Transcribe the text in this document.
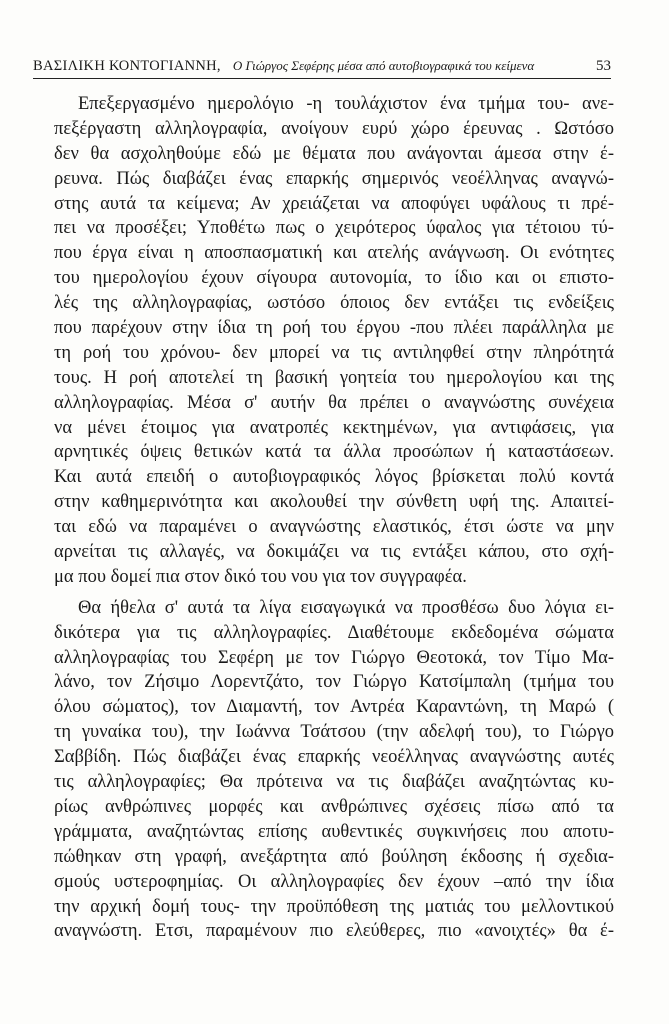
ΒΑΣΙΛΙΚΗ ΚΟΝΤΟΓΙΑΝΝΗ, Ο Γιώργος Σεφέρης μέσα από αυτοβιογραφικά του κείμενα	53
Επεξεργασμένο ημερολόγιο -η τουλάχιστον ένα τμήμα του- ανε-
πεξέργαστη αλληλογραφία, ανοίγουν ευρύ χώρο έρευνας . Ωστόσο
δεν θα ασχοληθούμε εδώ με θέματα που ανάγονται άμεσα στην έ-
ρευνα. Πώς διαβάζει ένας επαρκής σημερινός νεοέλληνας αναγνώ-
στης αυτά τα κείμενα; Αν χρειάζεται να αποφύγει υφάλους τι πρέ-
πει να προσέξει; Υποθέτω πως ο χειρότερος ύφαλος για τέτοιου τύ-
που έργα είναι η αποσπασματική και ατελής ανάγνωση. Οι ενότητες
του ημερολογίου έχουν σίγουρα αυτονομία, το ίδιο και οι επιστο-
λές της αλληλογραφίας, ωστόσο όποιος δεν εντάξει τις ενδείξεις
που παρέχουν στην ίδια τη ροή του έργου -που πλέει παράλληλα με
τη ροή του χρόνου- δεν μπορεί να τις αντιληφθεί στην πληρότητά
τους. Η ροή αποτελεί τη βασική γοητεία του ημερολογίου και της
αλληλογραφίας. Μέσα σ' αυτήν θα πρέπει ο αναγνώστης συνέχεια
να μένει έτοιμος για ανατροπές κεκτημένων, για αντιφάσεις, για
αρνητικές όψεις θετικών κατά τα άλλα προσώπων ή καταστάσεων.
Και αυτά επειδή ο αυτοβιογραφικός λόγος βρίσκεται πολύ κοντά
στην καθημερινότητα και ακολουθεί την σύνθετη υφή της. Απαιτεί-
ται εδώ να παραμένει ο αναγνώστης ελαστικός, έτσι ώστε να μην
αρνείται τις αλλαγές, να δοκιμάζει να τις εντάξει κάπου, στο σχή-
μα που δομεί πια στον δικό του νου για τον συγγραφέα.
Θα ήθελα σ' αυτά τα λίγα εισαγωγικά να προσθέσω δυο λόγια ει-
δικότερα για τις αλληλογραφίες. Διαθέτουμε εκδεδομένα σώματα
αλληλογραφίας του Σεφέρη με τον Γιώργο Θεοτοκά, τον Τίμο Μα-
λάνο, τον Ζήσιμο Λορεντζάτο, τον Γιώργο Κατσίμπαλη (τμήμα του
όλου σώματος), τον Διαμαντή, τον Αντρέα Καραντώνη, τη Μαρώ (
τη γυναίκα του), την Ιωάννα Τσάτσου (την αδελφή του), το Γιώργο
Σαββίδη. Πώς διαβάζει ένας επαρκής νεοέλληνας αναγνώστης αυτές
τις αλληλογραφίες; Θα πρότεινα να τις διαβάζει αναζητώντας κυ-
ρίως ανθρώπινες μορφές και ανθρώπινες σχέσεις πίσω από τα
γράμματα, αναζητώντας επίσης αυθεντικές συγκινήσεις που αποτυ-
πώθηκαν στη γραφή, ανεξάρτητα από βούληση έκδοσης ή σχεδια-
σμούς υστεροφημίας. Οι αλληλογραφίες δεν έχουν –από την ίδια
την αρχική δομή τους- την προϋπόθεση της ματιάς του μελλοντικού
αναγνώστη. Ετσι, παραμένουν πιο ελεύθερες, πιο «ανοιχτές» θα έ-
